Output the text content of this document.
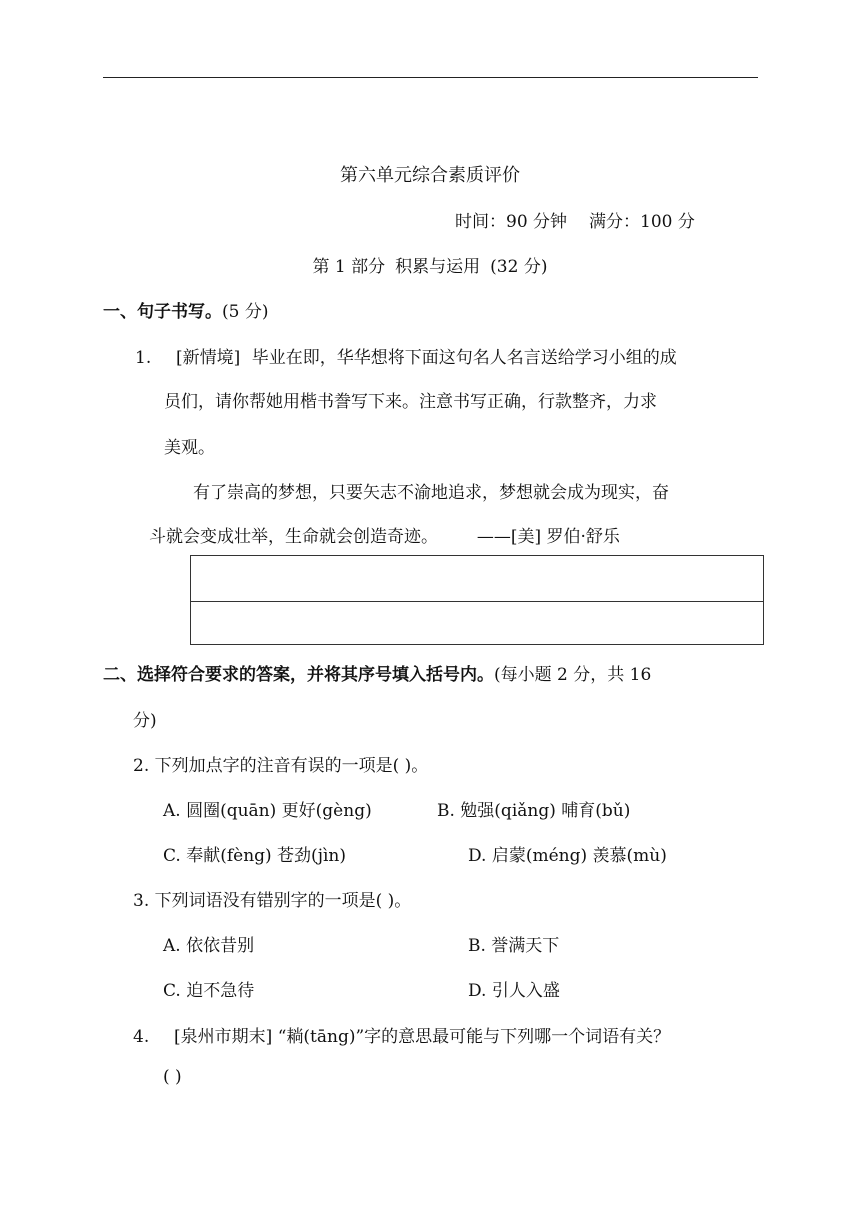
第六单元综合素质评价
时间：90 分钟 满分：100 分
第 1 部分 积累与运用 (32 分)
一、句子书写。(5 分)
1. [新情境] 毕业在即，华华想将下面这句名人名言送给学习小组的成
员们，请你帮她用楷书誊写下来。注意书写正确，行款整齐，力求
美观。
有了崇高的梦想，只要矢志不渝地追求，梦想就会成为现实，奋
斗就会变成壮举，生命就会创造奇迹。 ——[美] 罗伯·舒乐
二、选择符合要求的答案，并将其序号填入括号内。(每小题 2 分，共 16
分)
2. 下列加点字的注音有误的一项是( )。
A. 圆圈(quān) 更好(gèng)	B. 勉强(qiǎng) 哺育(bǔ)
C. 奉献(fèng) 苍劲(jìn)	D. 启蒙(méng) 羡慕(mù)
3. 下列词语没有错别字的一项是( )。
A. 依依昔别	B. 誉满天下
C. 迫不急待	D. 引人入盛
4. [泉州市期末] “耥(tāng)”字的意思最可能与下列哪一个词语有关？
( )
